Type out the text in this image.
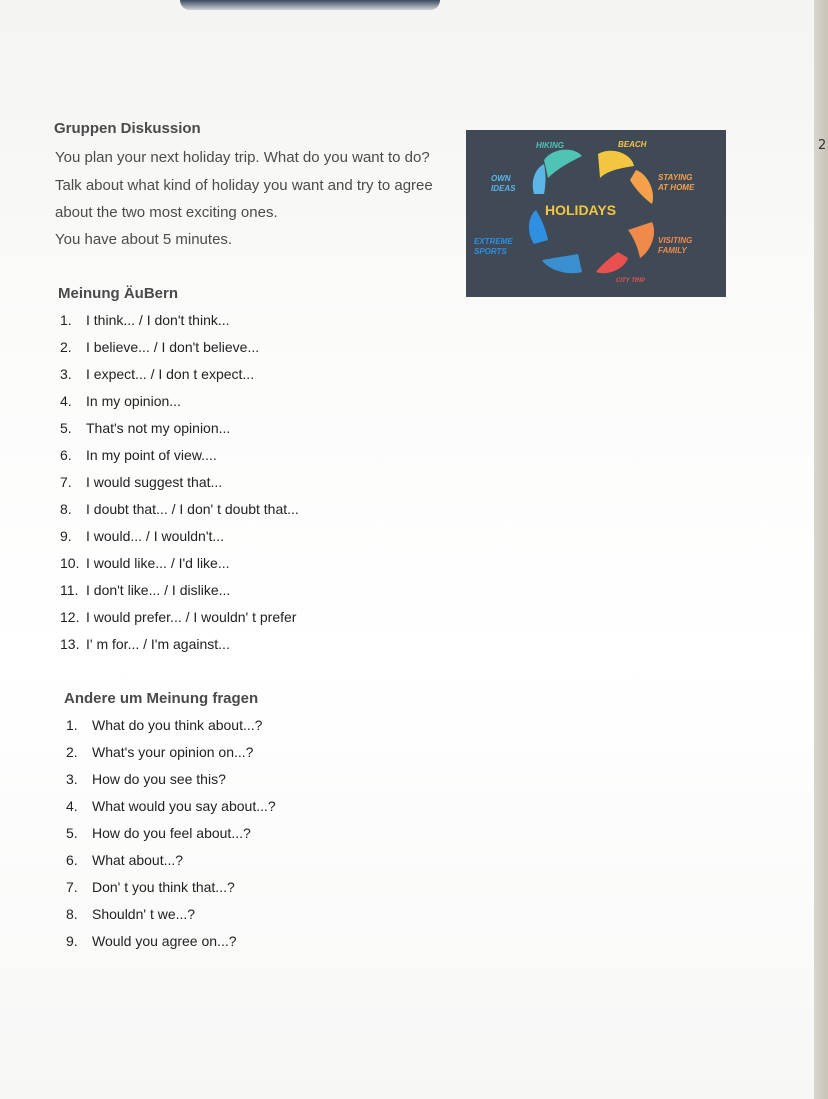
2
Gruppen Diskussion
You plan your next holiday trip. What do you want to do?
Talk about what kind of holiday you want and try to agree
about the two most exciting ones.
You have about 5 minutes.
HIKING	BEACH
STAYING
AT HOME
OWN
IDEAS
HOLIDAYS
EXTREME
SPORTS
VISITING
FAMILY
CITY TRIP
Meinung ÄuBern
1. I think... / I don't think...
2. I believe... / I don't believe...
3. I expect... / I don t expect...
4. In my opinion...
5. That's not my opinion...
6. In my point of view....
7. I would suggest that...
8. I doubt that... / I don' t doubt that...
9. I would... / I wouldn't...
10. I would like... / I'd like...
11. I don't like... / I dislike...
12. I would prefer... / I wouldn' t prefer
13. I' m for... / I'm against...
Andere um Meinung fragen
1. What do you think about...?
2. What's your opinion on...?
3. How do you see this?
4. What would you say about...?
5. How do you feel about...?
6. What about...?
7. Don' t you think that...?
8. Shouldn' t we...?
9. Would you agree on...?
